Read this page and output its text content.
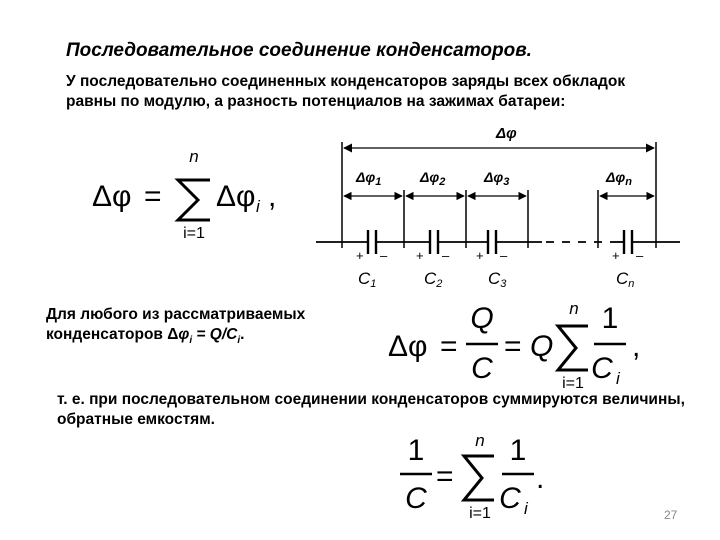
Последовательное соединение конденсаторов.
У последовательно соединенных конденсаторов заряды всех обкладок равны по модулю, а разность потенциалов на зажимах батареи:
Δφ =
n
i=1
Δφ i ,
Δφ
$\Delta\varphi_1$	$\Delta\varphi_2$	$\Delta\varphi_3$	$\Delta\varphi_n$
+ – + – + –	+ –
C1	C2	C3	Cn
Для любого из рассматриваемых конденсаторов $\Delta\varphi_i = Q/C_i$.	Δφ =
Q
C
= Q
n
i=1
1
C i
,
т. е. при последовательном соединении конденсаторов суммируются величины, обратные емкостям.
1
C
=
n
i=1
1
C i
.
27
